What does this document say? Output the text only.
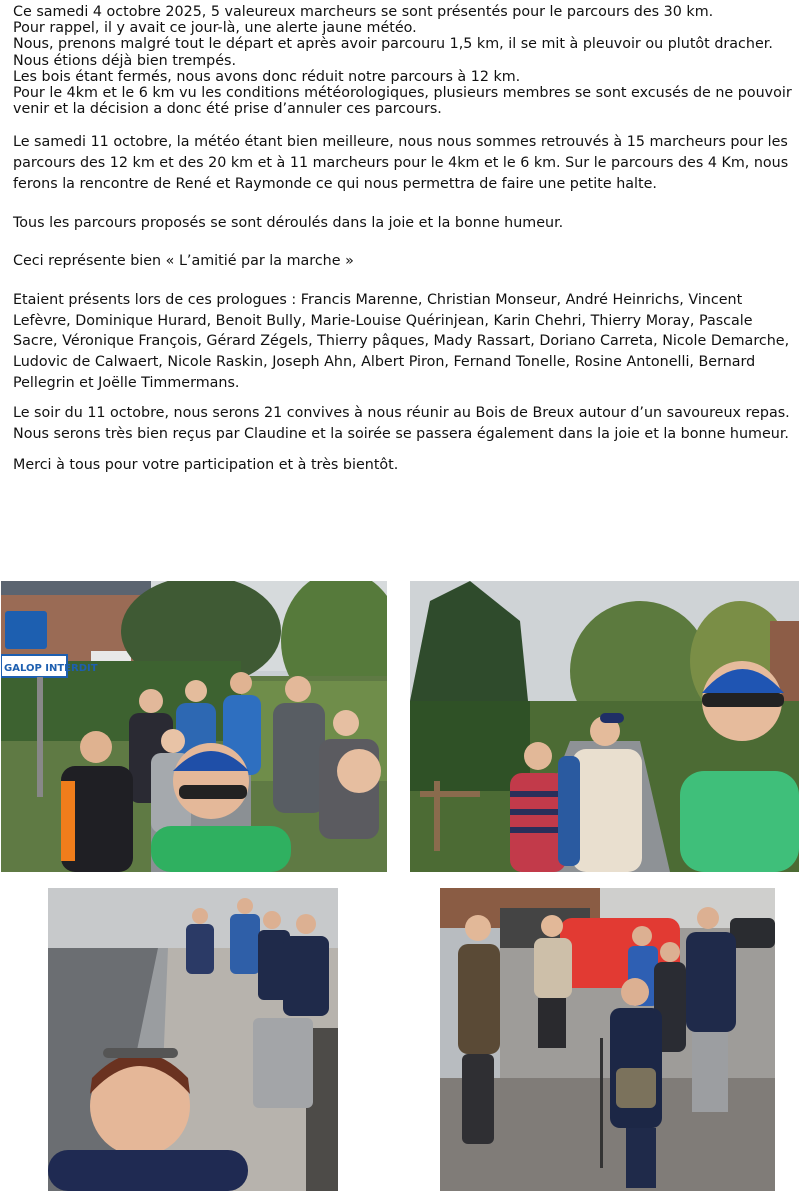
Ce samedi 4 octobre 2025, 5 valeureux marcheurs se sont présentés pour le parcours des 30 km.

Pour rappel, il y avait ce jour-là, une alerte jaune météo.

Nous, prenons malgré tout le départ et après avoir parcouru 1,5 km, il se mit à pleuvoir ou plutôt dracher.

Nous étions déjà bien trempés.

Les bois étant fermés, nous avons donc réduit notre parcours à 12 km.

Pour le 4km et le 6 km vu les conditions météorologiques, plusieurs membres se sont excusés de ne pouvoir venir et la décision a donc été prise d’annuler ces parcours.

Le samedi 11 octobre, la météo étant bien meilleure, nous nous sommes retrouvés à 15 marcheurs pour les parcours des 12 km et des 20 km et à 11 marcheurs pour le 4km et le 6 km. Sur le parcours des 4 Km, nous ferons la rencontre de René et Raymonde ce qui nous permettra de faire une petite halte.

Tous les parcours proposés se sont déroulés dans la joie et la bonne humeur.

Ceci représente bien « L’amitié par la marche »

Etaient présents lors de ces prologues : Francis Marenne, Christian Monseur, André Heinrichs, Vincent Lefèvre, Dominique Hurard, Benoit Bully, Marie-Louise Quérinjean, Karin Chehri, Thierry Moray, Pascale Sacre, Véronique François, Gérard Zégels, Thierry pâques, Mady Rassart, Doriano Carreta, Nicole Demarche, Ludovic de Calwaert, Nicole Raskin, Joseph Ahn, Albert Piron, Fernand Tonelle, Rosine Antonelli, Bernard Pellegrin et Joëlle Timmermans.

Le soir du 11 octobre, nous serons 21 convives à nous réunir au Bois de Breux autour d’un savoureux repas. Nous serons très bien reçus par Claudine et la soirée se passera également dans la joie et la bonne humeur.

Merci à tous pour votre participation et à très bientôt.

GALOP INTERDIT
